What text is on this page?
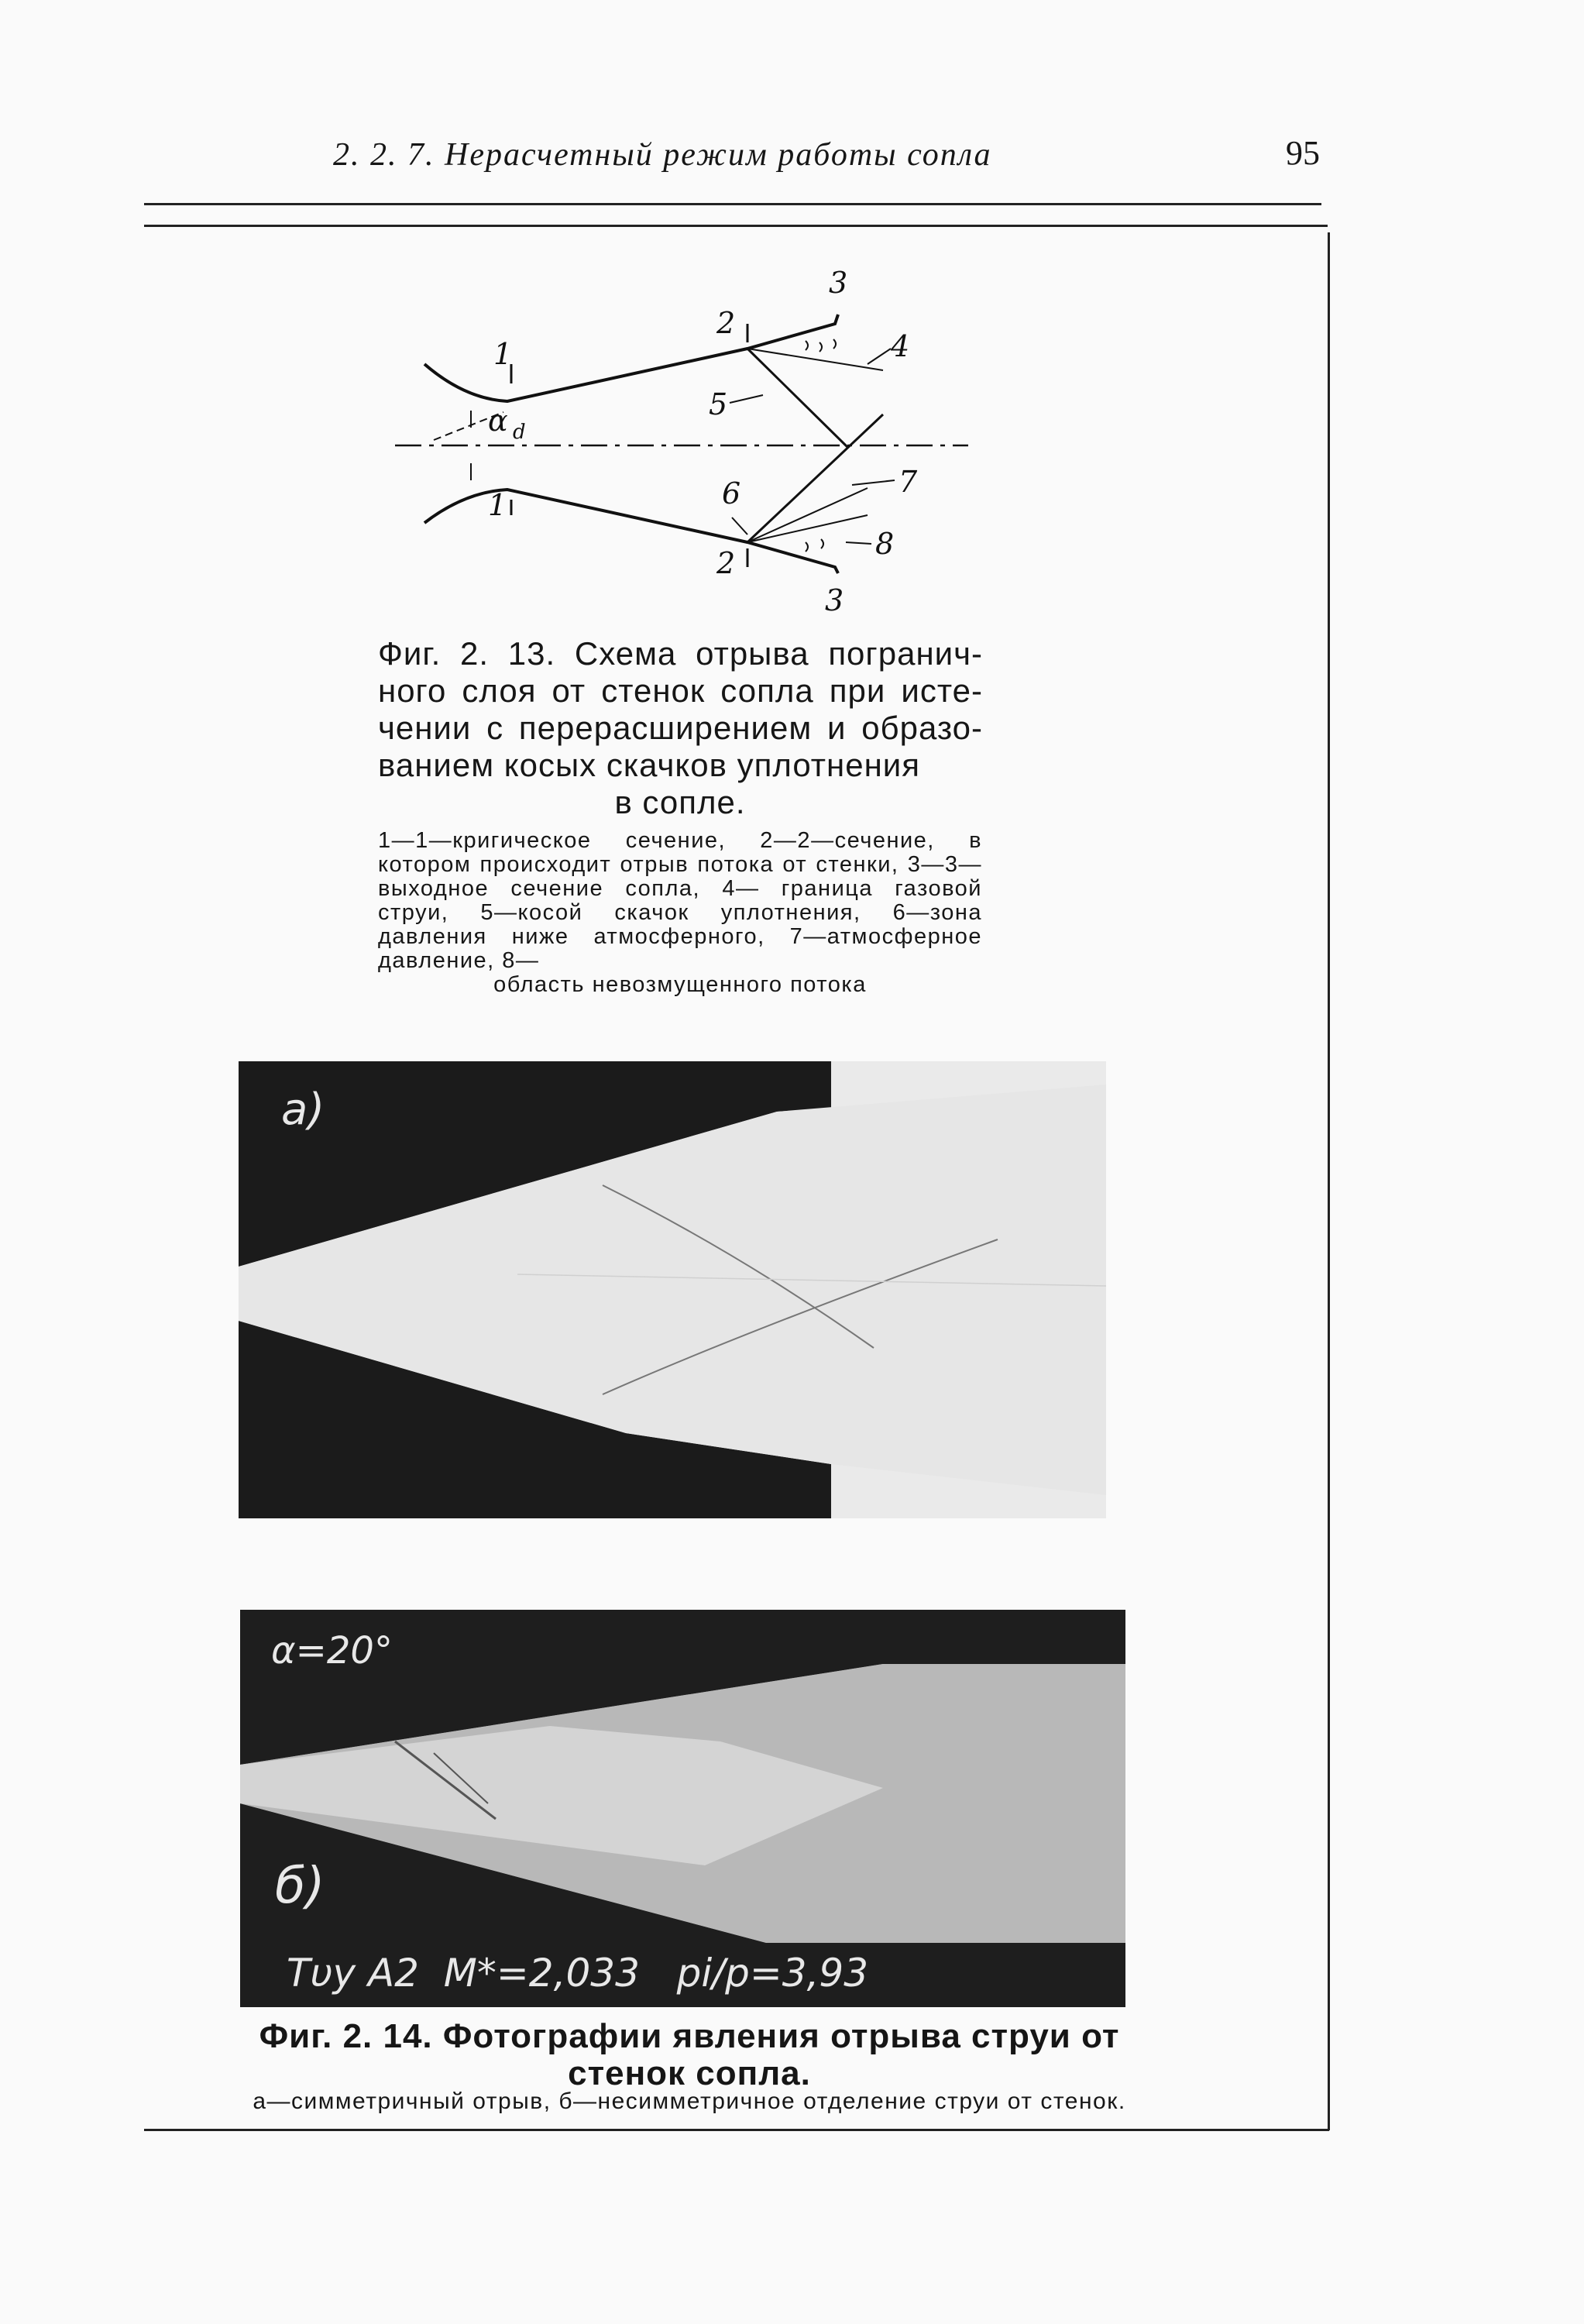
2. 2. 7. Нерасчетный режим работы сопла	95
3
2
4
1
α d
5
6	7
1
8
2
3
Фиг. 2. 13. Схема отрыва пограничного слоя от стенок сопла при истечении с перерасширением и образованием косых скачков уплотнения
в сопле.
1—1—кригическое сечение, 2—2—сечение, в котором происходит отрыв потока от стенки, 3—3—выходное сечение сопла, 4— граница газовой струи, 5—косой скачок уплотнения, 6—зона давления ниже атмосферного, 7—атмосферное давление, 8—
область невозмущенного потока
a)
α=20°
б)
Tυy A2  M*=2,033   pi/p=3,93
Фиг. 2. 14. Фотографии явления отрыва струи от стенок сопла.
а—симметричный отрыв, б—несимметричное отделение струи от стенок.
